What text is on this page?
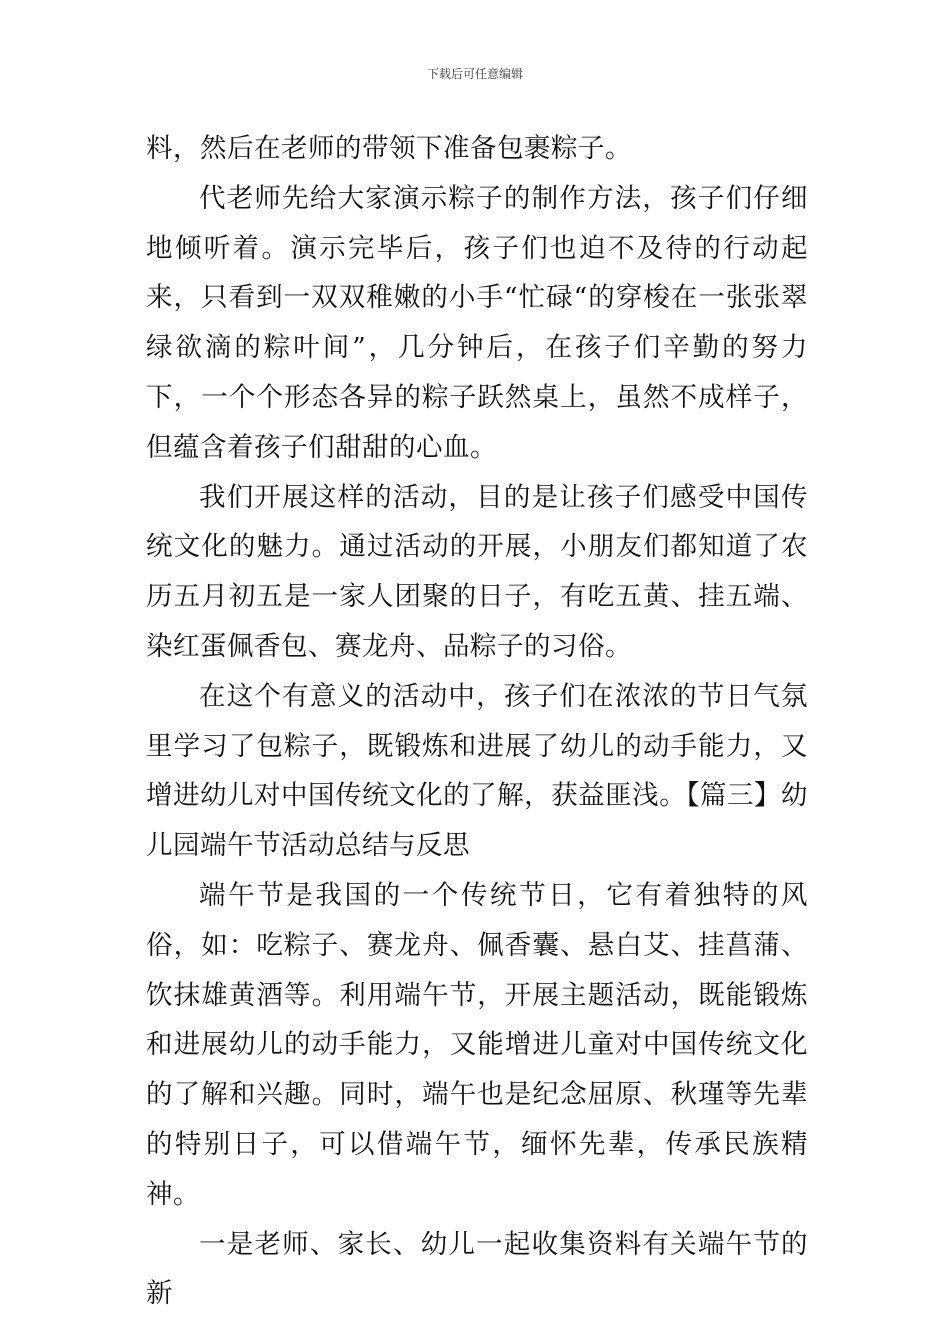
下载后可任意编辑

料，然后在老师的带领下准备包裹粽子。

代老师先给大家演示粽子的制作方法，孩子们仔细地倾听着。演示完毕后，孩子们也迫不及待的行动起来，只看到一双双稚嫩的小手“忙碌“的穿梭在一张张翠绿欲滴的粽叶间”，几分钟后，在孩子们辛勤的努力下，一个个形态各异的粽子跃然桌上，虽然不成样子，但蕴含着孩子们甜甜的心血。

我们开展这样的活动，目的是让孩子们感受中国传统文化的魅力。通过活动的开展，小朋友们都知道了农历五月初五是一家人团聚的日子，有吃五黄、挂五端、染红蛋佩香包、赛龙舟、品粽子的习俗。

在这个有意义的活动中，孩子们在浓浓的节日气氛里学习了包粽子，既锻炼和进展了幼儿的动手能力，又增进幼儿对中国传统文化的了解，获益匪浅。【篇三】幼儿园端午节活动总结与反思

端午节是我国的一个传统节日，它有着独特的风俗，如：吃粽子、赛龙舟、佩香囊、悬白艾、挂菖蒲、饮抹雄黄酒等。利用端午节，开展主题活动，既能锻炼和进展幼儿的动手能力，又能增进儿童对中国传统文化的了解和兴趣。同时，端午也是纪念屈原、秋瑾等先辈的特别日子，可以借端午节，缅怀先辈，传承民族精神。

一是老师、家长、幼儿一起收集资料有关端午节的新
